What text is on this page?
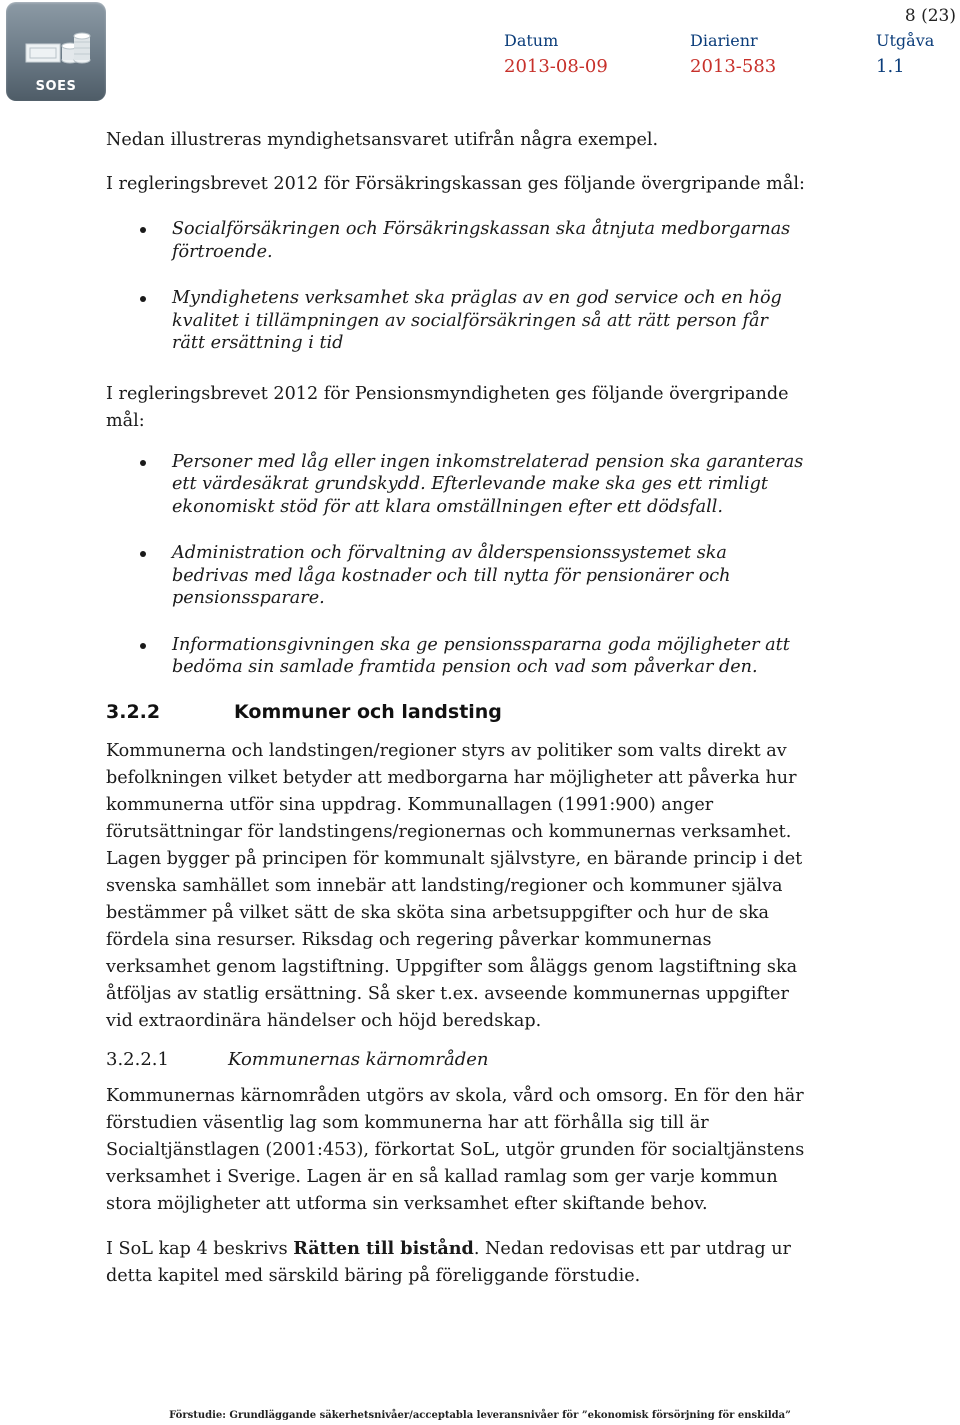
SOES
8 (23)
Datum
2013-08-09
Diarienr
2013-583
Utgåva
1.1

Nedan illustreras myndighetsansvaret utifrån några exempel.

I regleringsbrevet 2012 för Försäkringskassan ges följande övergripande mål:

Socialförsäkringen och Försäkringskassan ska åtnjuta medborgarnas förtroende.
Myndighetens verksamhet ska präglas av en god service och en hög kvalitet i tillämpningen av socialförsäkringen så att rätt person får rätt ersättning i tid

I regleringsbrevet 2012 för Pensionsmyndigheten ges följande övergripande mål:

Personer med låg eller ingen inkomstrelaterad pension ska garanteras ett värdesäkrat grundskydd. Efterlevande make ska ges ett rimligt ekonomiskt stöd för att klara omställningen efter ett dödsfall.
Administration och förvaltning av ålderspensionssystemet ska bedrivas med låga kostnader och till nytta för pensionärer och pensionssparare.
Informationsgivningen ska ge pensionsspararna goda möjligheter att bedöma sin samlade framtida pension och vad som påverkar den.
3.2.2	Kommuner och landsting

Kommunerna och landstingen/regioner styrs av politiker som valts direkt av befolkningen vilket betyder att medborgarna har möjligheter att påverka hur kommunerna utför sina uppdrag. Kommunallagen (1991:900) anger förutsättningar för landstingens/regionernas och kommunernas verksamhet. Lagen bygger på principen för kommunalt självstyre, en bärande princip i det svenska samhället som innebär att landsting/regioner och kommuner själva bestämmer på vilket sätt de ska sköta sina arbetsuppgifter och hur de ska fördela sina resurser. Riksdag och regering påverkar kommunernas verksamhet genom lagstiftning. Uppgifter som åläggs genom lagstiftning ska åtföljas av statlig ersättning. Så sker t.ex. avseende kommunernas uppgifter vid extraordinära händelser och höjd beredskap.

3.2.2.1	Kommunernas kärnområden

Kommunernas kärnområden utgörs av skola, vård och omsorg. En för den här förstudien väsentlig lag som kommunerna har att förhålla sig till är Socialtjänstlagen (2001:453), förkortat SoL, utgör grunden för socialtjänstens verksamhet i Sverige. Lagen är en så kallad ramlag som ger varje kommun stora möjligheter att utforma sin verksamhet efter skiftande behov.

I SoL kap 4 beskrivs Rätten till bistånd. Nedan redovisas ett par utdrag ur detta kapitel med särskild bäring på föreliggande förstudie.

Förstudie: Grundläggande säkerhetsnivåer/acceptabla leveransnivåer för ”ekonomisk försörjning för enskilda”
